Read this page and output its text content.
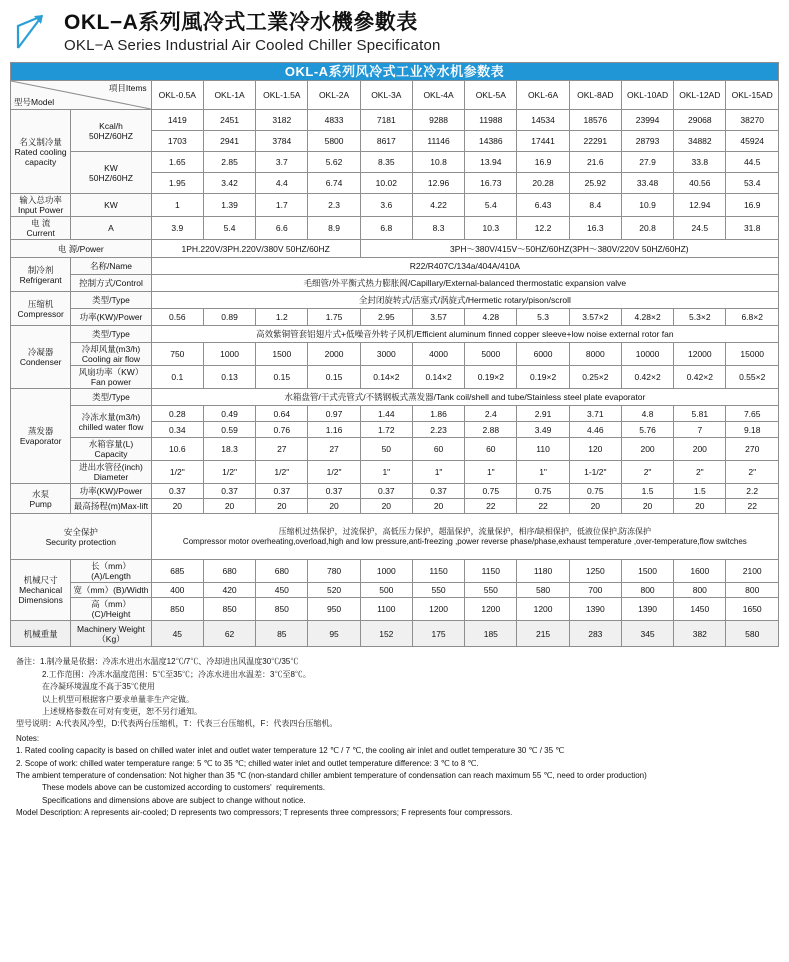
OKL−A系列風冷式工業冷水機參數表
OKL−A Series Industrial Air Cooled Chiller Specificaton
OKL-A系列风冷式工业冷水机参数表													

型号Model
項目Items		OKL-0.5A	OKL-1A	OKL-1.5A	OKL-2A	OKL-3A	OKL-4A	OKL-5A	OKL-6A	OKL-8AD	OKL-10AD	OKL-12AD	OKL-15AD

名义制冷量
Rated cooling capacity	Kcal/h
50HZ/60HZ	1419	2451	3182	4833	7181	9288	11988	14534	18576	23994	29068	38270
		1703	2941	3784	5800	8617	11146	14386	17441	22291	28793	34882	45924

	KW
50HZ/60HZ	1.65	2.85	3.7	5.62	8.35	10.8	13.94	16.9	21.6	27.9	33.8	44.5
		1.95	3.42	4.4	6.74	10.02	12.96	16.73	20.28	25.92	33.48	40.56	53.4

输入总功率
Input Power	KW	1	1.39	1.7	2.3	3.6	4.22	5.4	6.43	8.4	10.9	12.94	16.9

电 流
Current	A	3.9	5.4	6.6	8.9	6.8	8.3	10.3	12.2	16.3	20.8	24.5	31.8
电 源/Power		1PH.220V/3PH.220V/380V 50HZ/60HZ				3PH～380V/415V～50HZ/60HZ(3PH～380V/220V 50HZ/60HZ)							

制冷剂
Refrigerant	名称/Name	R22/R407C/134a/404A/410A											
	控制方式/Control	毛细管/外平衡式热力膨胀阀/Capillary/External-balanced thermostatic expansion valve											

压缩机
Compressor	类型/Type	全封闭旋转式/活塞式/涡旋式/Hermetic rotary/pison/scroll											
	功率(KW)/Power	0.56	0.89	1.2	1.75	2.95	3.57	4.28	5.3	3.57×2	4.28×2	5.3×2	6.8×2

冷凝器
Condenser	类型/Type	高效紫铜管套铝翅片式+低噪音外转子风机/Efficient aluminum finned copper sleeve+low noise external rotor fan											

	冷却风量(m3/h)
Cooling air flow	750	1000	1500	2000	3000	4000	5000	6000	8000	10000	12000	15000

	风扇功率（KW）
Fan power	0.1	0.13	0.15	0.15	0.14×2	0.14×2	0.19×2	0.19×2	0.25×2	0.42×2	0.42×2	0.55×2

蒸发器
Evaporator	类型/Type	水箱盘管/干式壳管式/不锈钢板式蒸发器/Tank coil/shell and tube/Stainless steel plate evaporator											

	冷冻水量(m3/h)
chilled water flow	0.28	0.49	0.64	0.97	1.44	1.86	2.4	2.91	3.71	4.8	5.81	7.65
		0.34	0.59	0.76	1.16	1.72	2.23	2.88	3.49	4.46	5.76	7	9.18

	水箱容量(L)
Capacity	10.6	18.3	27	27	50	60	60	110	120	200	200	270

	进出水管径(inch)
Diameter	1/2"	1/2"	1/2"	1/2"	1"	1"	1"	1"	1-1/2"	2"	2"	2"

水泵
Pump	功率(KW)/Power	0.37	0.37	0.37	0.37	0.37	0.37	0.75	0.75	0.75	1.5	1.5	2.2
	最高扬程(m)Max-lift	20	20	20	20	20	20	22	22	20	20	20	22

安全保护
Security protection		压缩机过热保护，过流保护，高低压力保护，超温保护，流量保护，相序/缺相保护，低液位保护,防冻保护
Compressor motor overheating,overload,high and low pressure,anti-freezing ,power reverse phase/phase,exhaust temperature ,over-temperature,flow switches											

机械尺寸
Mechanical Dimensions	长（mm）(A)/Length	685	680	680	780	1000	1150	1150	1180	1250	1500	1600	2100
	宽（mm）(B)/Width	400	420	450	520	500	550	550	580	700	800	800	800
	高（mm）(C)/Height	850	850	850	950	1100	1200	1200	1200	1390	1390	1450	1650
机械重量	Machinery Weight（Kg）	45	62	85	95	152	175	185	215	283	345	382	580
备注：1.制冷量是依据：冷冻水进出水温度12℃/7℃、冷却进出风温度30℃/35℃
2.工作范围：冷冻水温度范围：5℃至35℃；冷冻水进出水温差：3℃至8℃。
在冷凝环境温度不高于35℃使用
以上机型可根据客户要求单量非生产定做。
上述规格参数在可对有变更，恕不另行通知。
型号说明：A:代表风冷型，D:代表两台压缩机，T：代表三台压缩机，F：代表四台压缩机。
Notes:
1. Rated cooling capacity is based on chilled water inlet and outlet water temperature 12 ℃ / 7 ℃, the cooling air inlet and outlet temperature 30 ℃ / 35 ℃
2. Scope of work: chilled water temperature range: 5 ℃ to 35 ℃; chilled water inlet and outlet temperature difference: 3 ℃ to 8 ℃.
The ambient temperature of condensation: Not higher than 35 ℃ (non-standard chiller ambient temperature of condensation can reach maximum 55 ℃, need to order production)
These models above can be customized according to customers'  requirements.
Specifications and dimensions above are subject to change without notice.
Model Description: A represents air-cooled; D represents two compressors; T represents three compressors; F represents four compressors.
